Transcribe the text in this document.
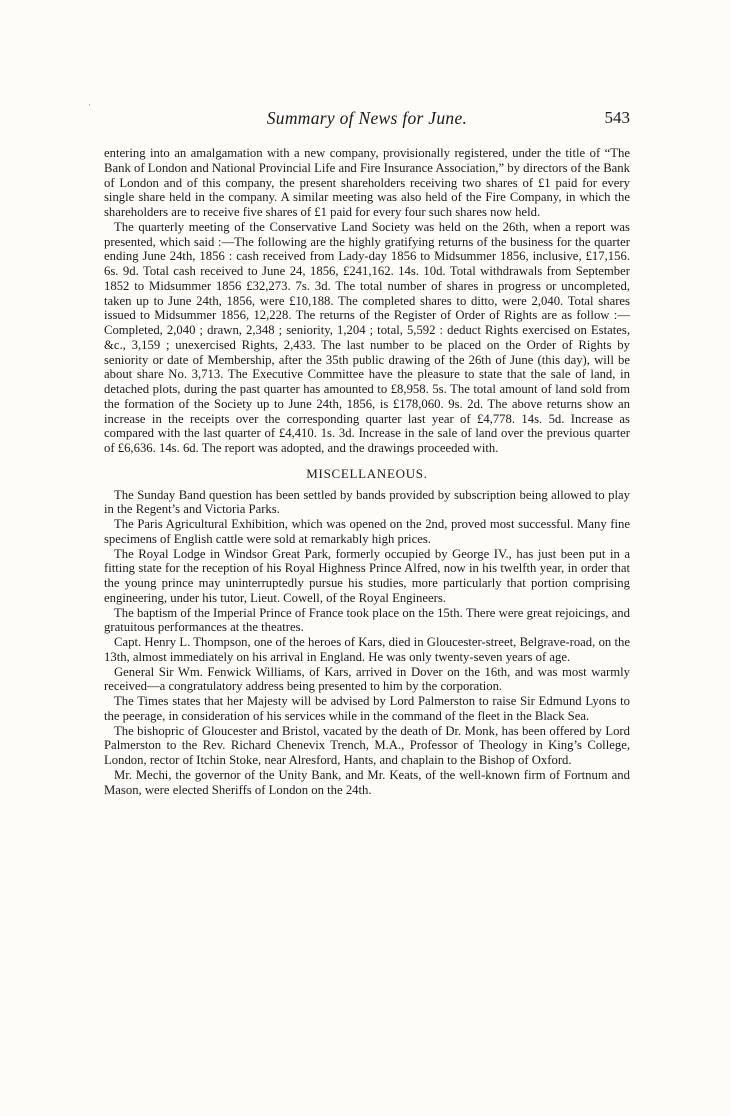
·
Summary of News for June.	543

entering into an amalgamation with a new company, provisionally registered, under the title of “The Bank of London and National Provincial Life and Fire Insurance Association,” by directors of the Bank of London and of this company, the present shareholders receiving two shares of £1 paid for every single share held in the company. A similar meeting was also held of the Fire Company, in which the shareholders are to receive five shares of £1 paid for every four such shares now held.

The quarterly meeting of the Conservative Land Society was held on the 26th, when a report was presented, which said :—The following are the highly gratifying returns of the business for the quarter ending June 24th, 1856 : cash received from Lady-day 1856 to Midsummer 1856, inclusive, £17,156. 6s. 9d. Total cash received to June 24, 1856, £241,162. 14s. 10d. Total withdrawals from September 1852 to Midsummer 1856 £32,273. 7s. 3d. The total number of shares in progress or uncompleted, taken up to June 24th, 1856, were £10,188. The completed shares to ditto, were 2,040. Total shares issued to Midsummer 1856, 12,228. The returns of the Register of Order of Rights are as follow :—Completed, 2,040 ; drawn, 2,348 ; seniority, 1,204 ; total, 5,592 : deduct Rights exercised on Estates, &c., 3,159 ; unexercised Rights, 2,433. The last number to be placed on the Order of Rights by seniority or date of Membership, after the 35th public drawing of the 26th of June (this day), will be about share No. 3,713. The Executive Committee have the pleasure to state that the sale of land, in detached plots, during the past quarter has amounted to £8,958. 5s. The total amount of land sold from the formation of the Society up to June 24th, 1856, is £178,060. 9s. 2d. The above returns show an increase in the receipts over the corresponding quarter last year of £4,778. 14s. 5d. Increase as compared with the last quarter of £4,410. 1s. 3d. Increase in the sale of land over the previous quarter of £6,636. 14s. 6d. The report was adopted, and the drawings proceeded with.

MISCELLANEOUS.

The Sunday Band question has been settled by bands provided by subscription being allowed to play in the Regent’s and Victoria Parks.

The Paris Agricultural Exhibition, which was opened on the 2nd, proved most successful. Many fine specimens of English cattle were sold at remarkably high prices.

The Royal Lodge in Windsor Great Park, formerly occupied by George IV., has just been put in a fitting state for the reception of his Royal Highness Prince Alfred, now in his twelfth year, in order that the young prince may uninterruptedly pursue his studies, more particularly that portion comprising engineering, under his tutor, Lieut. Cowell, of the Royal Engineers.

The baptism of the Imperial Prince of France took place on the 15th. There were great rejoicings, and gratuitous performances at the theatres.

Capt. Henry L. Thompson, one of the heroes of Kars, died in Gloucester-street, Belgrave-road, on the 13th, almost immediately on his arrival in England. He was only twenty-seven years of age.

General Sir Wm. Fenwick Williams, of Kars, arrived in Dover on the 16th, and was most warmly received—a congratulatory address being presented to him by the corporation.

The Times states that her Majesty will be advised by Lord Palmerston to raise Sir Edmund Lyons to the peerage, in consideration of his services while in the command of the fleet in the Black Sea.

The bishopric of Gloucester and Bristol, vacated by the death of Dr. Monk, has been offered by Lord Palmerston to the Rev. Richard Chenevix Trench, M.A., Professor of Theology in King’s College, London, rector of Itchin Stoke, near Alresford, Hants, and chaplain to the Bishop of Oxford.

Mr. Mechi, the governor of the Unity Bank, and Mr. Keats, of the well-known firm of Fortnum and Mason, were elected Sheriffs of London on the 24th.
